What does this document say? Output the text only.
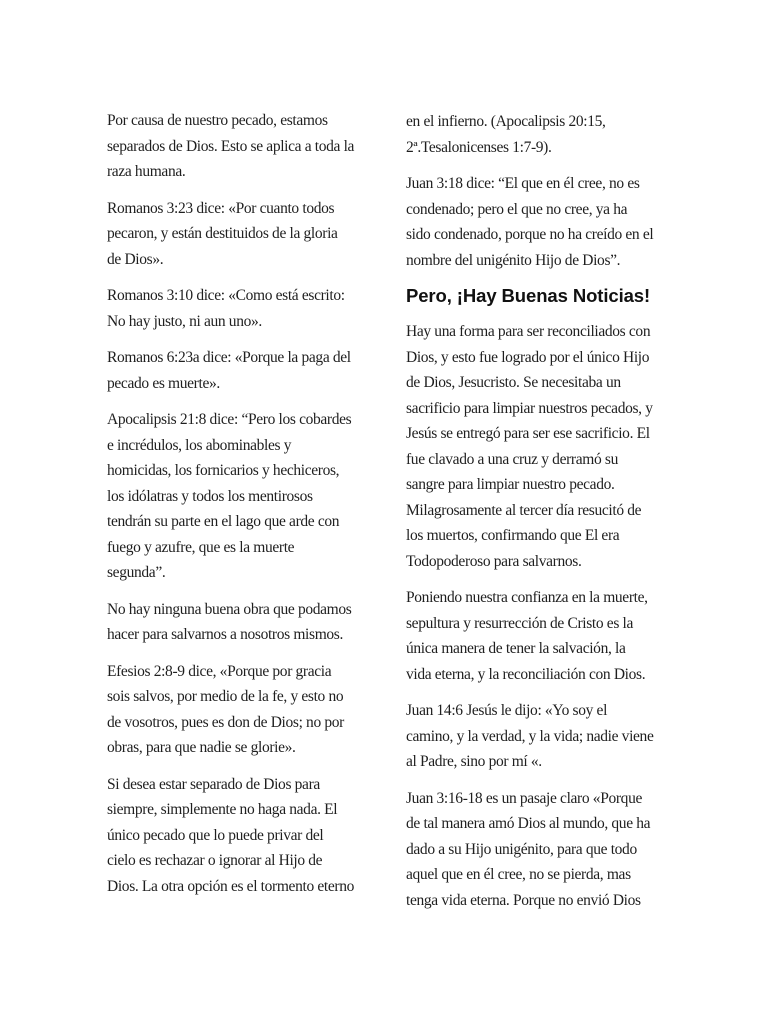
Por causa de nuestro pecado, estamos
separados de Dios. Esto se aplica a toda la
raza humana.

Romanos 3:23 dice: «Por cuanto todos
pecaron, y están destituidos de la gloria
de Dios».

Romanos 3:10 dice: «Como está escrito:
No hay justo, ni aun uno».

Romanos 6:23a dice: «Porque la paga del
pecado es muerte».

Apocalipsis 21:8 dice: “Pero los cobardes
e incrédulos, los abominables y
homicidas, los fornicarios y hechiceros,
los idólatras y todos los mentirosos
tendrán su parte en el lago que arde con
fuego y azufre, que es la muerte
segunda”.

No hay ninguna buena obra que podamos
hacer para salvarnos a nosotros mismos.

Efesios 2:8-9 dice, «Porque por gracia
sois salvos, por medio de la fe, y esto no
de vosotros, pues es don de Dios; no por
obras, para que nadie se glorie».

Si desea estar separado de Dios para
siempre, simplemente no haga nada. El
único pecado que lo puede privar del
cielo es rechazar o ignorar al Hijo de
Dios. La otra opción es el tormento eterno

en el infierno. (Apocalipsis 20:15,
2ª.Tesalonicenses 1:7-9).

Juan 3:18 dice: “El que en él cree, no es
condenado; pero el que no cree, ya ha
sido condenado, porque no ha creído en el
nombre del unigénito Hijo de Dios”.

Pero, ¡Hay Buenas Noticias!

Hay una forma para ser reconciliados con
Dios, y esto fue logrado por el único Hijo
de Dios, Jesucristo. Se necesitaba un
sacrificio para limpiar nuestros pecados, y
Jesús se entregó para ser ese sacrificio. El
fue clavado a una cruz y derramó su
sangre para limpiar nuestro pecado.
Milagrosamente al tercer día resucitó de
los muertos, confirmando que El era
Todopoderoso para salvarnos.

Poniendo nuestra confianza en la muerte,
sepultura y resurrección de Cristo es la
única manera de tener la salvación, la
vida eterna, y la reconciliación con Dios.

Juan 14:6 Jesús le dijo: «Yo soy el
camino, y la verdad, y la vida; nadie viene
al Padre, sino por mí «.

Juan 3:16-18 es un pasaje claro «Porque
de tal manera amó Dios al mundo, que ha
dado a su Hijo unigénito, para que todo
aquel que en él cree, no se pierda, mas
tenga vida eterna. Porque no envió Dios
